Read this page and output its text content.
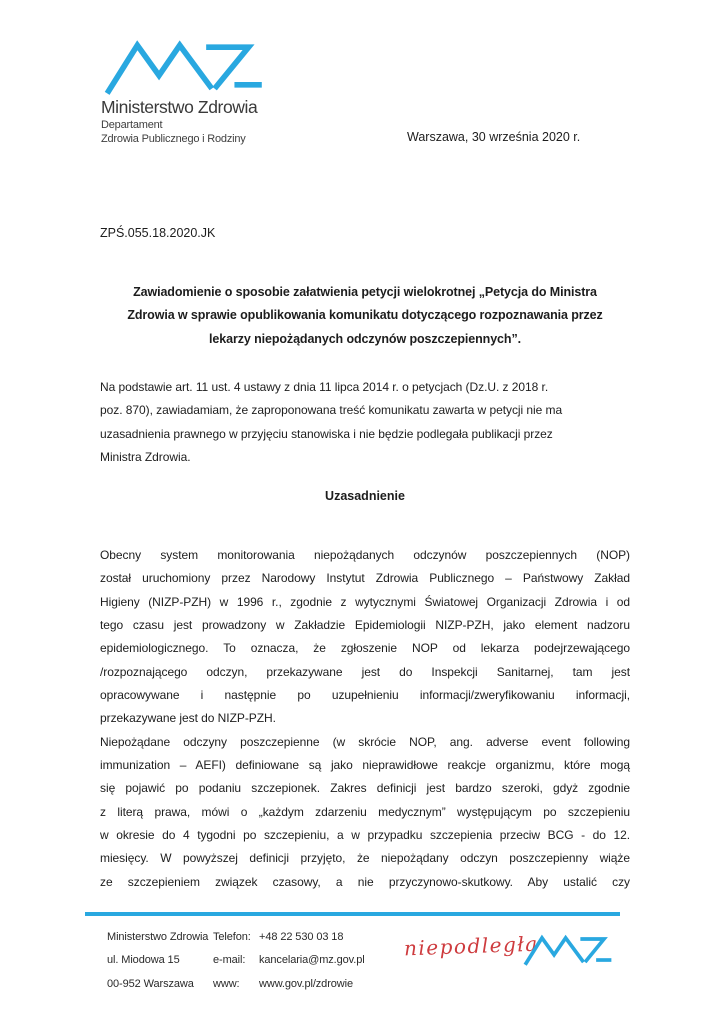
Ministerstwo Zdrowia
Departament
Zdrowia Publicznego i Rodziny	Warszawa, 30 września 2020 r.
ZPŚ.055.18.2020.JK
Zawiadomienie o sposobie załatwienia petycji wielokrotnej „Petycja do Ministra
Zdrowia w sprawie opublikowania komunikatu dotyczącego rozpoznawania przez
lekarzy niepożądanych odczynów poszczepiennych”.
Na podstawie art. 11 ust. 4 ustawy z dnia 11 lipca 2014 r. o petycjach (Dz.U. z 2018 r.
poz. 870), zawiadamiam, że zaproponowana treść komunikatu zawarta w petycji nie ma
uzasadnienia prawnego w przyjęciu stanowiska i nie będzie podlegała publikacji przez
Ministra Zdrowia.
Uzasadnienie
Obecny system monitorowania niepożądanych odczynów poszczepiennych (NOP)
został uruchomiony przez Narodowy Instytut Zdrowia Publicznego – Państwowy Zakład
Higieny (NIZP-PZH) w 1996 r., zgodnie z wytycznymi Światowej Organizacji Zdrowia i od
tego czasu jest prowadzony w Zakładzie Epidemiologii NIZP-PZH, jako element nadzoru
epidemiologicznego. To oznacza, że zgłoszenie NOP od lekarza podejrzewającego
/rozpoznającego odczyn, przekazywane jest do Inspekcji Sanitarnej, tam jest
opracowywane i następnie po uzupełnieniu informacji/zweryfikowaniu informacji,
przekazywane jest do NIZP-PZH.
Niepożądane odczyny poszczepienne (w skrócie NOP, ang. adverse event following
immunization – AEFI) definiowane są jako nieprawidłowe reakcje organizmu, które mogą
się pojawić po podaniu szczepionek. Zakres definicji jest bardzo szeroki, gdyż zgodnie
z literą prawa, mówi o „każdym zdarzeniu medycznym” występującym po szczepieniu
w okresie do 4 tygodni po szczepieniu, a w przypadku szczepienia przeciw BCG - do 12.
miesięcy. W powyższej definicji przyjęto, że niepożądany odczyn poszczepienny wiąże
ze szczepieniem związek czasowy, a nie przyczynowo-skutkowy. Aby ustalić czy
Ministerstwo Zdrowia
ul. Miodowa 15
00-952 Warszawa
Telefon:
e-mail:
www:
+48 22 530 03 18
kancelaria@mz.gov.pl
www.gov.pl/zdrowie
niepodległa
